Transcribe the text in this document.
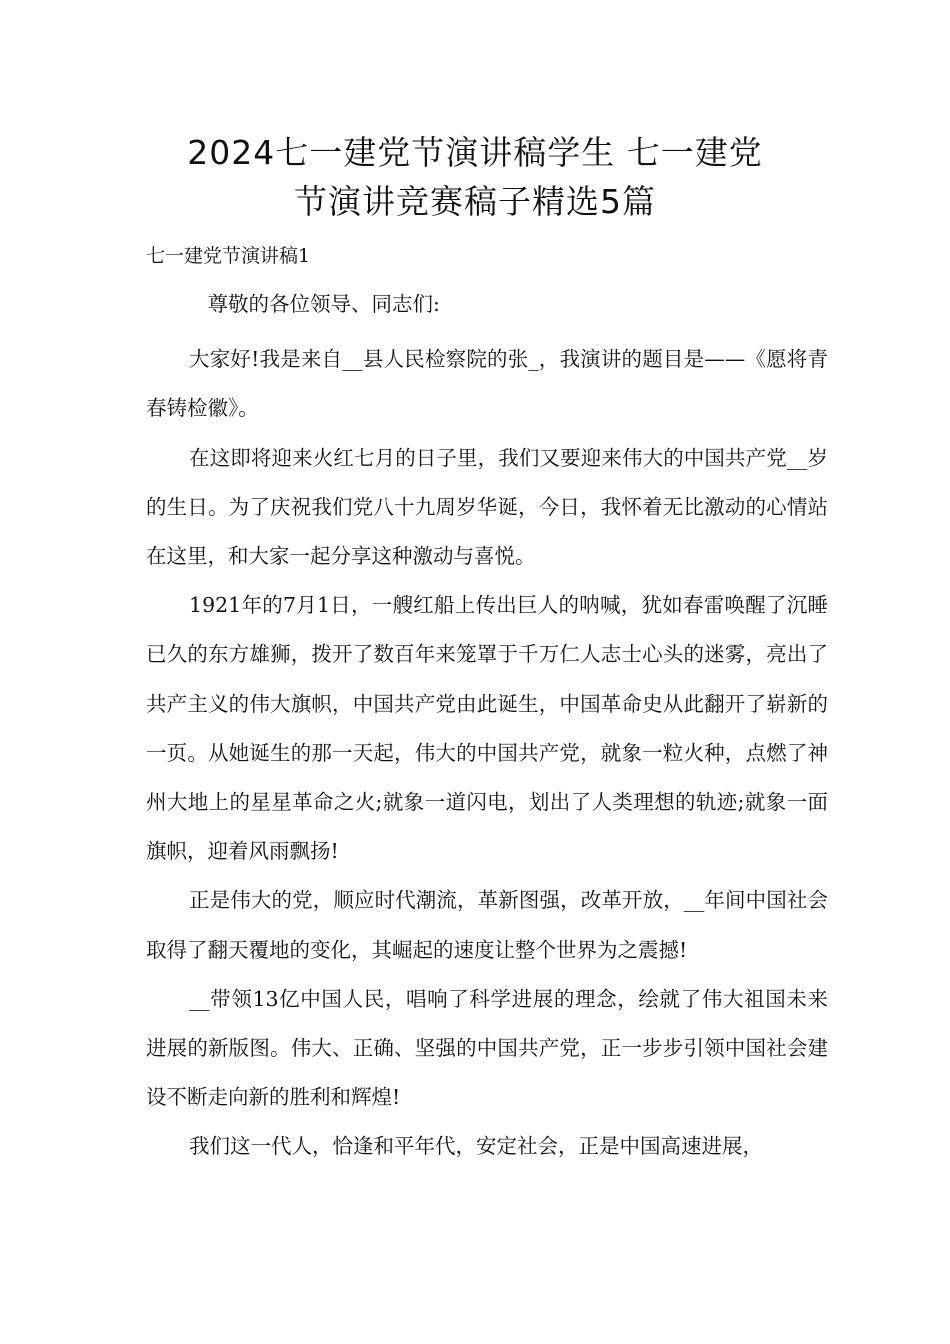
2024七一建党节演讲稿学生 七一建党
节演讲竞赛稿子精选5篇
七一建党节演讲稿1

尊敬的各位领导、同志们:

大家好!我是来自__县人民检察院的张_，我演讲的题目是——《愿将青春铸检徽》。

在这即将迎来火红七月的日子里，我们又要迎来伟大的中国共产党__岁的生日。为了庆祝我们党八十九周岁华诞，今日，我怀着无比激动的心情站在这里，和大家一起分享这种激动与喜悦。

1921年的7月1日，一艘红船上传出巨人的呐喊，犹如春雷唤醒了沉睡已久的东方雄狮，拨开了数百年来笼罩于千万仁人志士心头的迷雾，亮出了共产主义的伟大旗帜，中国共产党由此诞生，中国革命史从此翻开了崭新的一页。从她诞生的那一天起，伟大的中国共产党，就象一粒火种，点燃了神州大地上的星星革命之火;就象一道闪电，划出了人类理想的轨迹;就象一面旗帜，迎着风雨飘扬!

正是伟大的党，顺应时代潮流，革新图强，改革开放，__年间中国社会取得了翻天覆地的变化，其崛起的速度让整个世界为之震撼!

__带领13亿中国人民，唱响了科学进展的理念，绘就了伟大祖国未来进展的新版图。伟大、正确、坚强的中国共产党，正一步步引领中国社会建设不断走向新的胜利和辉煌!

我们这一代人，恰逢和平年代，安定社会，正是中国高速进展，
